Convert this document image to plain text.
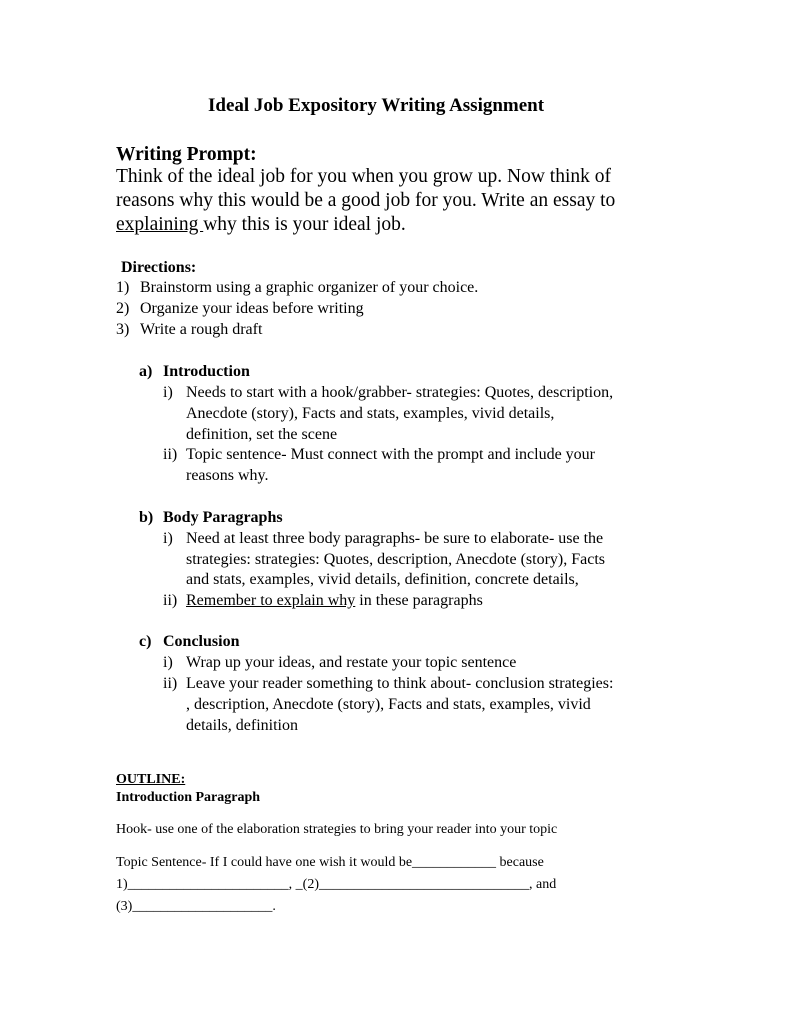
Ideal Job Expository Writing Assignment
Writing Prompt:
Think of the ideal job for you when you grow up. Now think of
reasons why this would be a good job for you. Write an essay to
explaining why this is your ideal job.
Directions:
1) Brainstorm using a graphic organizer of your choice.
2) Organize your ideas before writing
3) Write a rough draft
a) Introduction
i) Needs to start with a hook/grabber- strategies: Quotes, description,
Anecdote (story), Facts and stats, examples, vivid details,
definition, set the scene
ii) Topic sentence- Must connect with the prompt and include your
reasons why.
b) Body Paragraphs
i) Need at least three body paragraphs- be sure to elaborate- use the
strategies: strategies: Quotes, description, Anecdote (story), Facts
and stats, examples, vivid details, definition, concrete details,
ii) Remember to explain why in these paragraphs
c) Conclusion
i) Wrap up your ideas, and restate your topic sentence
ii) Leave your reader something to think about- conclusion strategies:
, description, Anecdote (story), Facts and stats, examples, vivid
details, definition
OUTLINE:
Introduction Paragraph
Hook- use one of the elaboration strategies to bring your reader into your topic
Topic Sentence- If I could have one wish it would be____________ because
1)_______________________, _(2)______________________________, and
(3)____________________.
